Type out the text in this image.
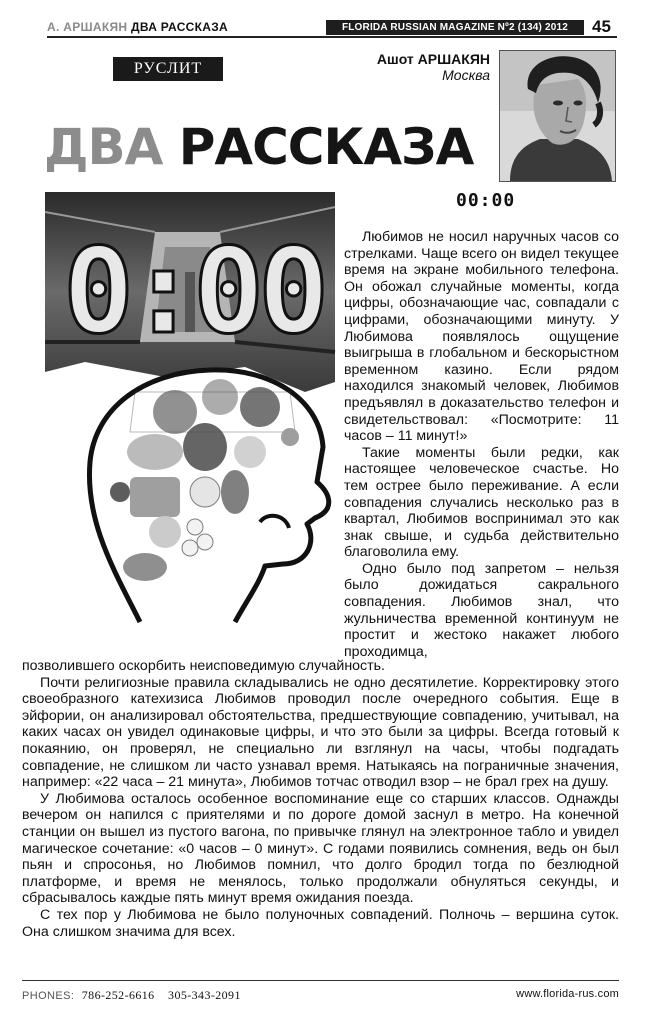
А. АРШАКЯН ДВА РАССКАЗА	FLORIDA RUSSIAN MAGAZINE Nº2 (134) 2012	45
РУСЛИТ
Ашот АРШАКЯН
Москва
ДВА РАССКАЗА
00:00
0:00	Любимов не носил наручных часов со стрелками. Чаще всего он видел текущее время на экране мобильного телефона. Он обожал случайные моменты, когда цифры, обозначающие час, совпадали с цифрами, обозначающими минуту. У Любимова появлялось ощущение выигрыша в глобальном и бескорыстном временном казино. Если рядом находился знакомый человек, Любимов предъявлял в доказательство телефон и свидетельствовал: «Посмотрите: 11 часов – 11 минут!»

Такие моменты были редки, как настоящее человеческое счастье. Но тем острее было переживание. А если совпадения случались несколько раз в квартал, Любимов воспринимал это как знак свыше, и судьба действительно благоволила ему.

Одно было под запретом – нельзя было дожидаться сакрального совпадения. Любимов знал, что жульничества временной континуум не простит и жестоко накажет любого проходимца,

позволившего оскорбить неисповедимую случайность.

Почти религиозные правила складывались не одно десятилетие. Корректировку этого своеобразного катехизиса Любимов проводил после очередного события. Еще в эйфории, он анализировал обстоятельства, предшествующие совпадению, учитывал, на каких часах он увидел одинаковые цифры, и что это были за цифры. Всегда готовый к покаянию, он проверял, не специально ли взглянул на часы, чтобы подгадать совпадение, не слишком ли часто узнавал время. Натыкаясь на пограничные значения, например: «22 часа – 21 минута», Любимов тотчас отводил взор – не брал грех на душу.

У Любимова осталось особенное воспоминание еще со старших классов. Однажды вечером он напился с приятелями и по дороге домой заснул в метро. На конечной станции он вышел из пустого вагона, по привычке глянул на электронное табло и увидел магическое сочетание: «0 часов – 0 минут». С годами появились сомнения, ведь он был пьян и спросонья, но Любимов помнил, что долго бродил тогда по безлюдной платформе, и время не менялось, только продолжали обнуляться секунды, и сбрасывалось каждые пять минут время ожидания поезда.

С тех пор у Любимова не было полуночных совпадений. Полночь – вершина суток. Она слишком значима для всех.

PHONES: 786-252-6616 305-343-2091	www.florida-rus.com
